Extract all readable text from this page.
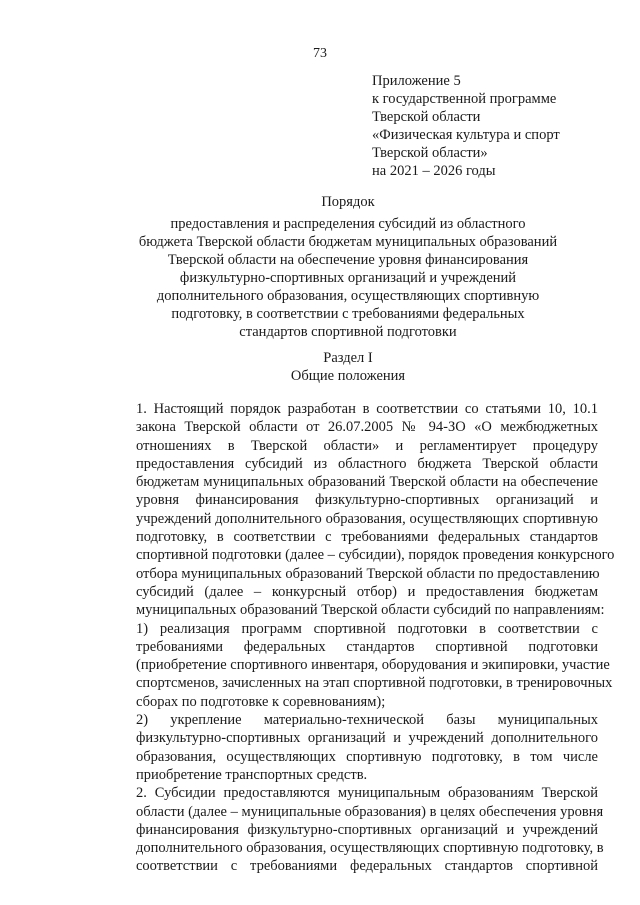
73
Приложение 5
к государственной программе
Тверской области
«Физическая культура и спорт
Тверской области»
на 2021 – 2026 годы
Порядок
предоставления и распределения субсидий из областного
бюджета Тверской области бюджетам муниципальных образований
Тверской области на обеспечение уровня финансирования
физкультурно-спортивных организаций и учреждений
дополнительного образования, осуществляющих спортивную
подготовку, в соответствии с требованиями федеральных
стандартов спортивной подготовки
Раздел I
Общие положения
1. Настоящий порядок разработан в соответствии со статьями 10, 10.1
закона Тверской области от 26.07.2005 № 94-ЗО «О межбюджетных
отношениях в Тверской области» и регламентирует процедуру
предоставления субсидий из областного бюджета Тверской области
бюджетам муниципальных образований Тверской области на обеспечение
уровня финансирования физкультурно-спортивных организаций и
учреждений дополнительного образования, осуществляющих спортивную
подготовку, в соответствии с требованиями федеральных стандартов
спортивной подготовки (далее – субсидии), порядок проведения конкурсного
отбора муниципальных образований Тверской области по предоставлению
субсидий (далее – конкурсный отбор) и предоставления бюджетам
муниципальных образований Тверской области субсидий по направлениям:
1) реализация программ спортивной подготовки в соответствии с
требованиями федеральных стандартов спортивной подготовки
(приобретение спортивного инвентаря, оборудования и экипировки, участие
спортсменов, зачисленных на этап спортивной подготовки, в тренировочных
сборах по подготовке к соревнованиям);
2) укрепление материально-технической базы муниципальных
физкультурно-спортивных организаций и учреждений дополнительного
образования, осуществляющих спортивную подготовку, в том числе
приобретение транспортных средств.
2. Субсидии предоставляются муниципальным образованиям Тверской
области (далее – муниципальные образования) в целях обеспечения уровня
финансирования физкультурно-спортивных организаций и учреждений
дополнительного образования, осуществляющих спортивную подготовку, в
соответствии с требованиями федеральных стандартов спортивной
